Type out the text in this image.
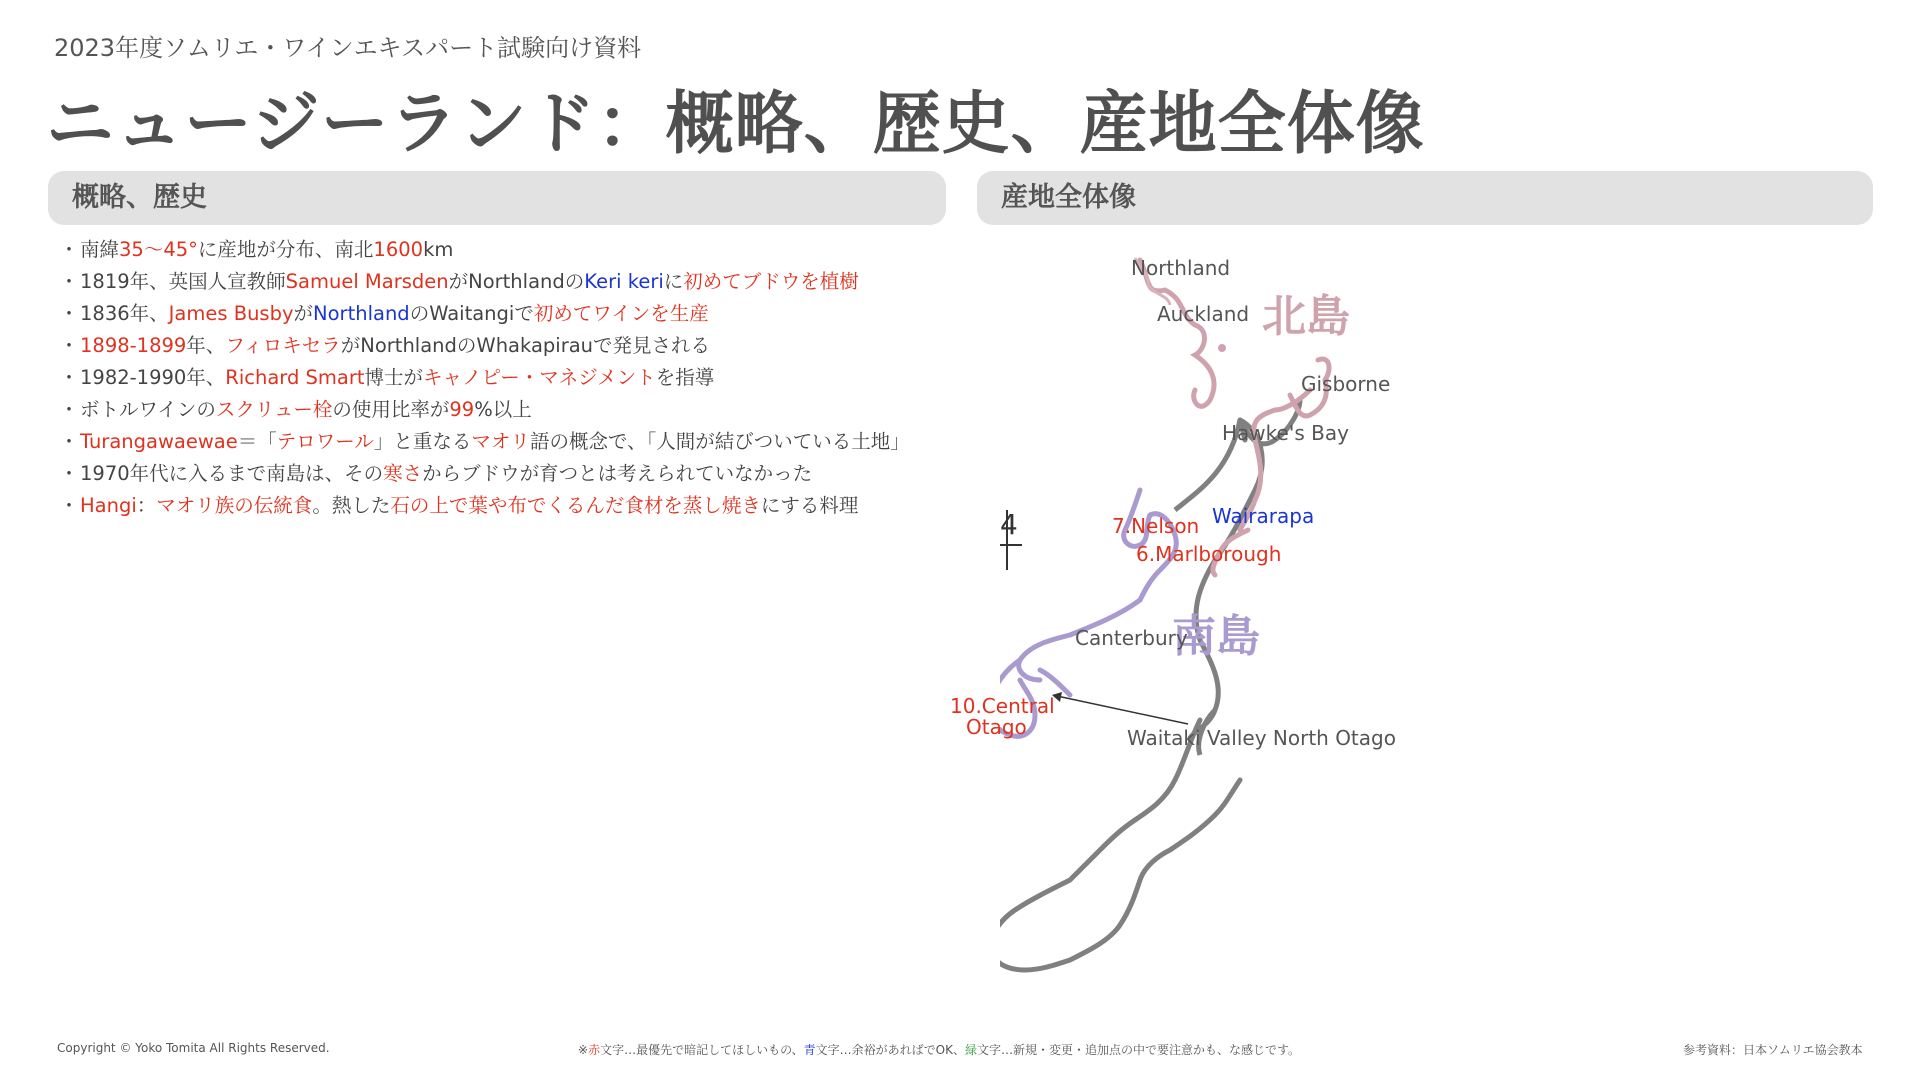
2023年度ソムリエ・ワインエキスパート試験向け資料
ニュージーランド：概略、歴史、産地全体像
概略、歴史	産地全体像
・南緯35〜45°に産地が分布、南北1600km
・1819年、英国人宣教師Samuel MarsdenがNorthlandのKeri keriに初めてブドウを植樹
・1836年、James BusbyがNorthlandのWaitangiで初めてワインを生産
・1898-1899年、フィロキセラがNorthlandのWhakapirauで発見される
・1982-1990年、Richard Smart博士がキャノピー・マネジメントを指導
・ボトルワインのスクリュー栓の使用比率が99%以上
・Turangawaewae＝「テロワール」と重なるマオリ語の概念で、「人間が結びついている土地」
・1970年代に入るまで南島は、その寒さからブドウが育つとは考えられていなかった
・Hangi：マオリ族の伝統食。熱した石の上で葉や布でくるんだ食材を蒸し焼きにする料理
4
北島
南島
Northland
Auckland
Gisborne
Hawke's Bay
Wairarapa
7.Nelson
6.Marlborough
Canterbury
10.Central
Otago	Waitaki Valley North Otago
Copyright © Yoko Tomita All Rights Reserved.	※赤文字…最優先で暗記してほしいもの、青文字…余裕があればでOK、緑文字…新規・変更・追加点の中で要注意かも、な感じです。	参考資料：日本ソムリエ協会教本
